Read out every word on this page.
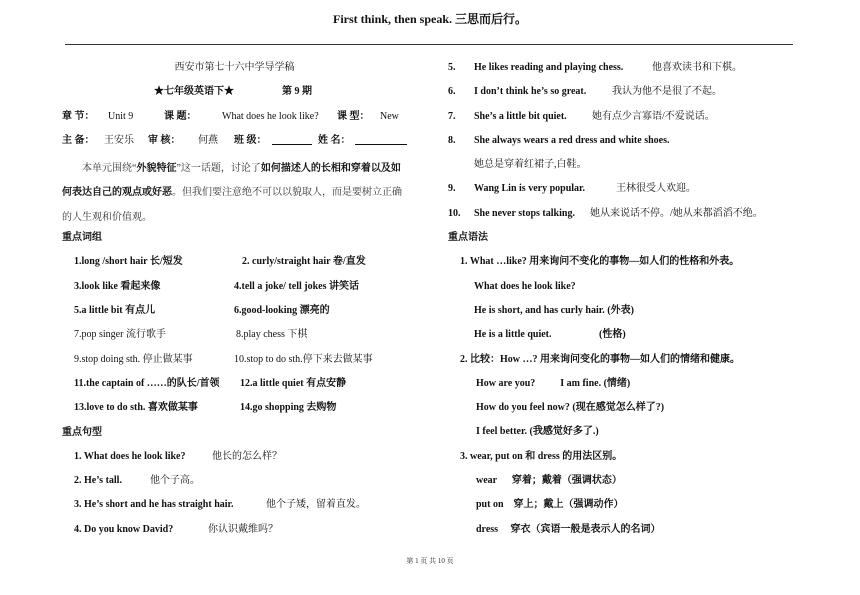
First think, then speak. 三思而后行。
西安市第七十六中学导学稿
★七年级英语下★	第 9 期
章 节： Unit 9	课 题：	What does he look like? 课 型： New
主 备： 王安乐 审 核： 何燕 班 级：	姓 名：
本单元围绕“外貌特征”这一话题，讨论了如何描述人的长相和穿着以及如何表达自己的观点或好恶。但我们要注意绝不可以以貌取人，而是要树立正确的人生观和价值观。
重点词组
1.long /short hair 长/短发	2. curly/straight hair 卷/直发
3.look like 看起来像	4.tell a joke/ tell jokes 讲笑话
5.a little bit 有点儿	6.good-looking 漂亮的
7.pop singer 流行歌手	8.play chess 下棋
9.stop doing sth. 停止做某事	10.stop to do sth.停下来去做某事
11.the captain of ……的队长/首领 12.a little quiet 有点安静
13.love to do sth. 喜欢做某事	14.go shopping 去购物
重点句型
1. What does he look like?	他长的怎么样？
2. He’s tall.	他个子高。
3. He’s short and he has straight hair.	他个子矮，留着直发。
4. Do you know David?	你认识戴维吗？
5. He likes reading and playing chess.	他喜欢读书和下棋。
6. I don’t think he’s so great.	我认为他不是很了不起。
7. She’s a little bit quiet.	她有点少言寡语/不爱说话。
8. She always wears a red dress and white shoes.
她总是穿着红裙子,白鞋。
9. Wang Lin is very popular.	王林很受人欢迎。
10. She never stops talking. 她从来说话不停。/她从来都滔滔不绝。
重点语法
1. What …like? 用来询问不变化的事物—如人们的性格和外表。
What does he look like?
He is short, and has curly hair. (外表)
He is a little quiet.                   (性格)
2. 比较：How …? 用来询问变化的事物—如人们的情绪和健康。
How are you?          I am fine. (情绪)
How do you feel now? (现在感觉怎么样了?)
I feel better. (我感觉好多了.)
3. wear, put on 和 dress 的用法区别。
wear      穿着；戴着（强调状态）
put on    穿上；戴上（强调动作）
dress     穿衣（宾语一般是表示人的名词）
第 1 页 共 10 页
